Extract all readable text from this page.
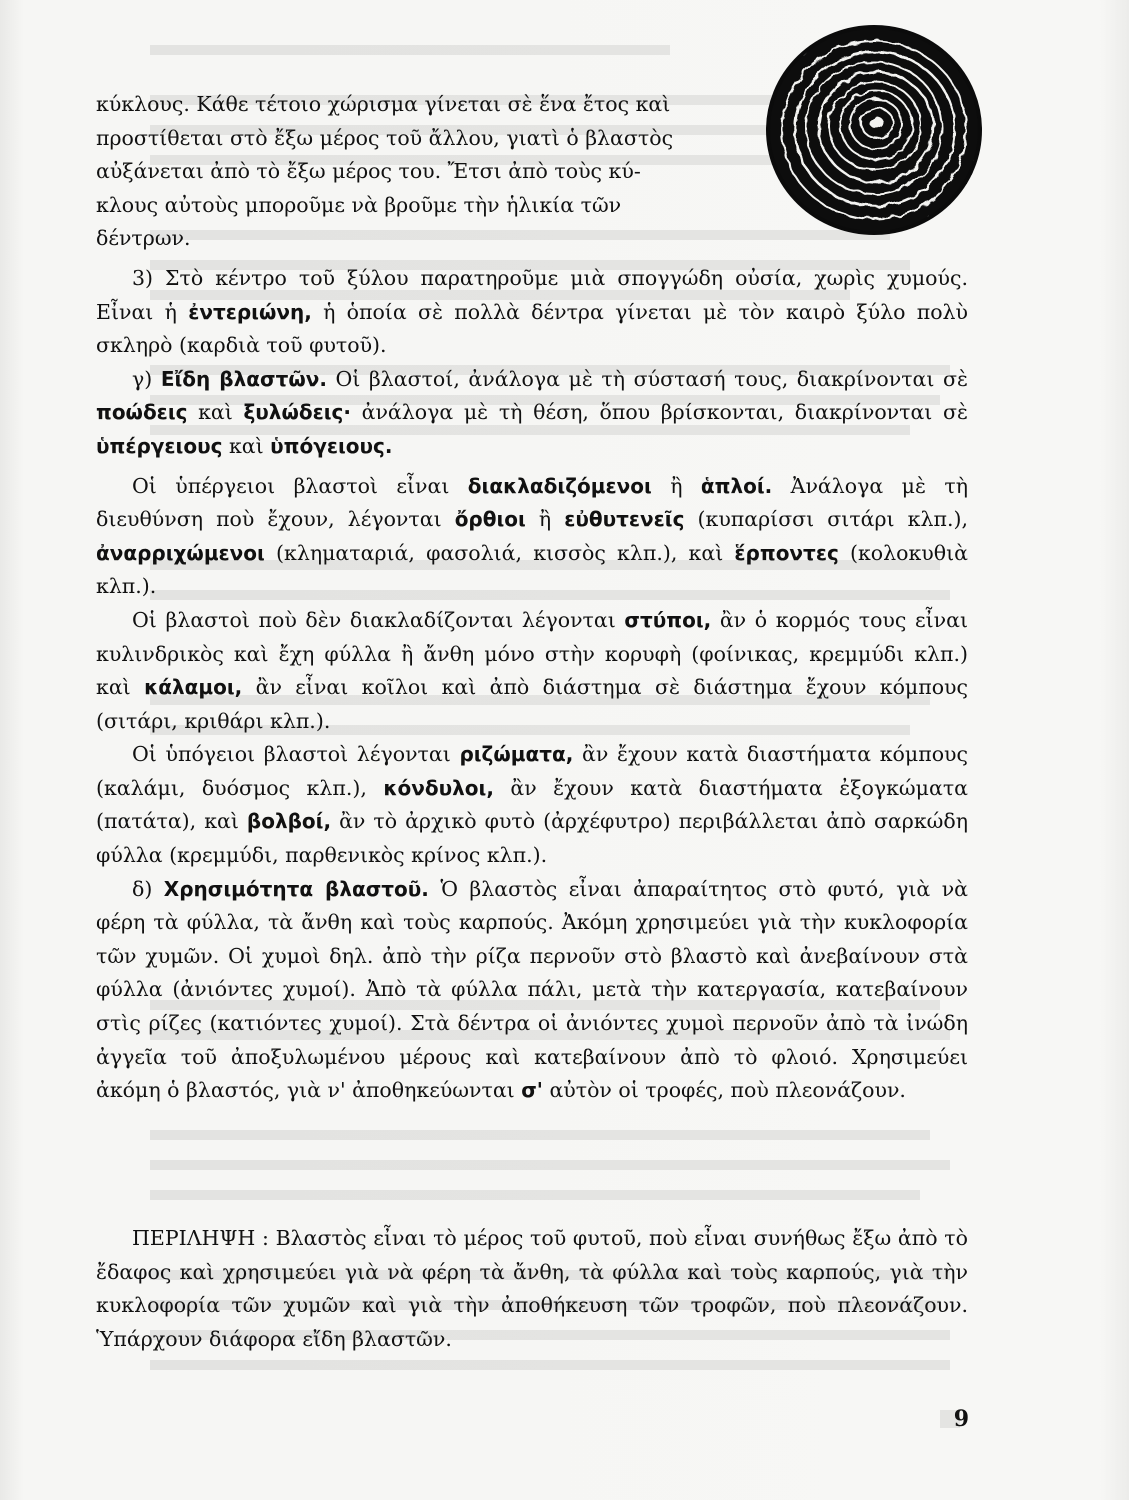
κύκλους. Κάθε τέτοιο χώρισμα γίνεται σὲ ἕνα ἔτος καὶ
προστίθεται στὸ ἔξω μέρος τοῦ ἄλλου, γιατὶ ὁ βλαστὸς
αὐξάνεται ἀπὸ τὸ ἔξω μέρος του. Ἔτσι ἀπὸ τοὺς κύ-
κλους αὐτοὺς μποροῦμε νὰ βροῦμε τὴν ἡλικία τῶν
δέντρων.

3) Στὸ κέντρο τοῦ ξύλου παρατηροῦμε μιὰ σπογγώδη οὐσία, χωρὶς χυμούς. Εἶναι ἡ ἐντεριώνη, ἡ ὁποία σὲ πολλὰ δέντρα γίνεται μὲ τὸν καιρὸ ξύλο πολὺ σκληρὸ (καρδιὰ τοῦ φυτοῦ).

γ) Εἴδη βλαστῶν. Οἱ βλαστοί, ἀνάλογα μὲ τὴ σύστασή τους, διακρίνονται σὲ ποώδεις καὶ ξυλώδεις· ἀνάλογα μὲ τὴ θέση, ὅπου βρίσκονται, διακρίνονται σὲ ὑπέργειους καὶ ὑπόγειους.

Οἱ ὑπέργειοι βλαστοὶ εἶναι διακλαδιζόμενοι ἢ ἁπλοί. Ἀνάλογα μὲ τὴ διευθύνση ποὺ ἔχουν, λέγονται ὄρθιοι ἢ εὐθυτενεῖς (κυπαρίσσι σιτάρι κλπ.), ἀναρριχώμενοι (κληματαριά, φασολιά, κισσὸς κλπ.), καὶ ἕρποντες (κολοκυθιὰ κλπ.).

Οἱ βλαστοὶ ποὺ δὲν διακλαδίζονται λέγονται στύποι, ἂν ὁ κορμός τους εἶναι κυλινδρικὸς καὶ ἔχη φύλλα ἢ ἄνθη μόνο στὴν κορυφὴ (φοίνικας, κρεμμύδι κλπ.) καὶ κάλαμοι, ἂν εἶναι κοῖλοι καὶ ἀπὸ διάστημα σὲ διάστημα ἔχουν κόμπους (σιτάρι, κριθάρι κλπ.).

Οἱ ὑπόγειοι βλαστοὶ λέγονται ριζώματα, ἂν ἔχουν κατὰ διαστήματα κόμπους (καλάμι, δυόσμος κλπ.), κόνδυλοι, ἂν ἔχουν κατὰ διαστήματα ἐξογκώματα (πατάτα), καὶ βολβοί, ἂν τὸ ἀρχικὸ φυτὸ (ἀρχέφυτρο) περιβάλλεται ἀπὸ σαρκώδη φύλλα (κρεμμύδι, παρθενικὸς κρίνος κλπ.).

δ) Χρησιμότητα βλαστοῦ. Ὁ βλαστὸς εἶναι ἀπαραίτητος στὸ φυτό, γιὰ νὰ φέρη τὰ φύλλα, τὰ ἄνθη καὶ τοὺς καρπούς. Ἀκόμη χρησιμεύει γιὰ τὴν κυκλοφορία τῶν χυμῶν. Οἱ χυμοὶ δηλ. ἀπὸ τὴν ρίζα περνοῦν στὸ βλαστὸ καὶ ἀνεβαίνουν στὰ φύλλα (ἀνιόντες χυμοί). Ἀπὸ τὰ φύλλα πάλι, μετὰ τὴν κατεργασία, κατεβαίνουν στὶς ρίζες (κατιόντες χυμοί). Στὰ δέντρα οἱ ἀνιόντες χυμοὶ περνοῦν ἀπὸ τὰ ἰνώδη ἀγγεῖα τοῦ ἀποξυλωμένου μέρους καὶ κατεβαίνουν ἀπὸ τὸ φλοιό. Χρησιμεύει ἀκόμη ὁ βλαστός, γιὰ ν' ἀποθηκεύωνται σ' αὐτὸν οἱ τροφές, ποὺ πλεονάζουν.

ΠΕΡΙΛΗΨΗ : Βλαστὸς εἶναι τὸ μέρος τοῦ φυτοῦ, ποὺ εἶναι συνήθως ἔξω ἀπὸ τὸ ἔδαφος καὶ χρησιμεύει γιὰ νὰ φέρη τὰ ἄνθη, τὰ φύλλα καὶ τοὺς καρπούς, γιὰ τὴν κυκλοφορία τῶν χυμῶν καὶ γιὰ τὴν ἀποθήκευση τῶν τροφῶν, ποὺ πλεονάζουν. Ὑπάρχουν διάφορα εἴδη βλαστῶν.

9
